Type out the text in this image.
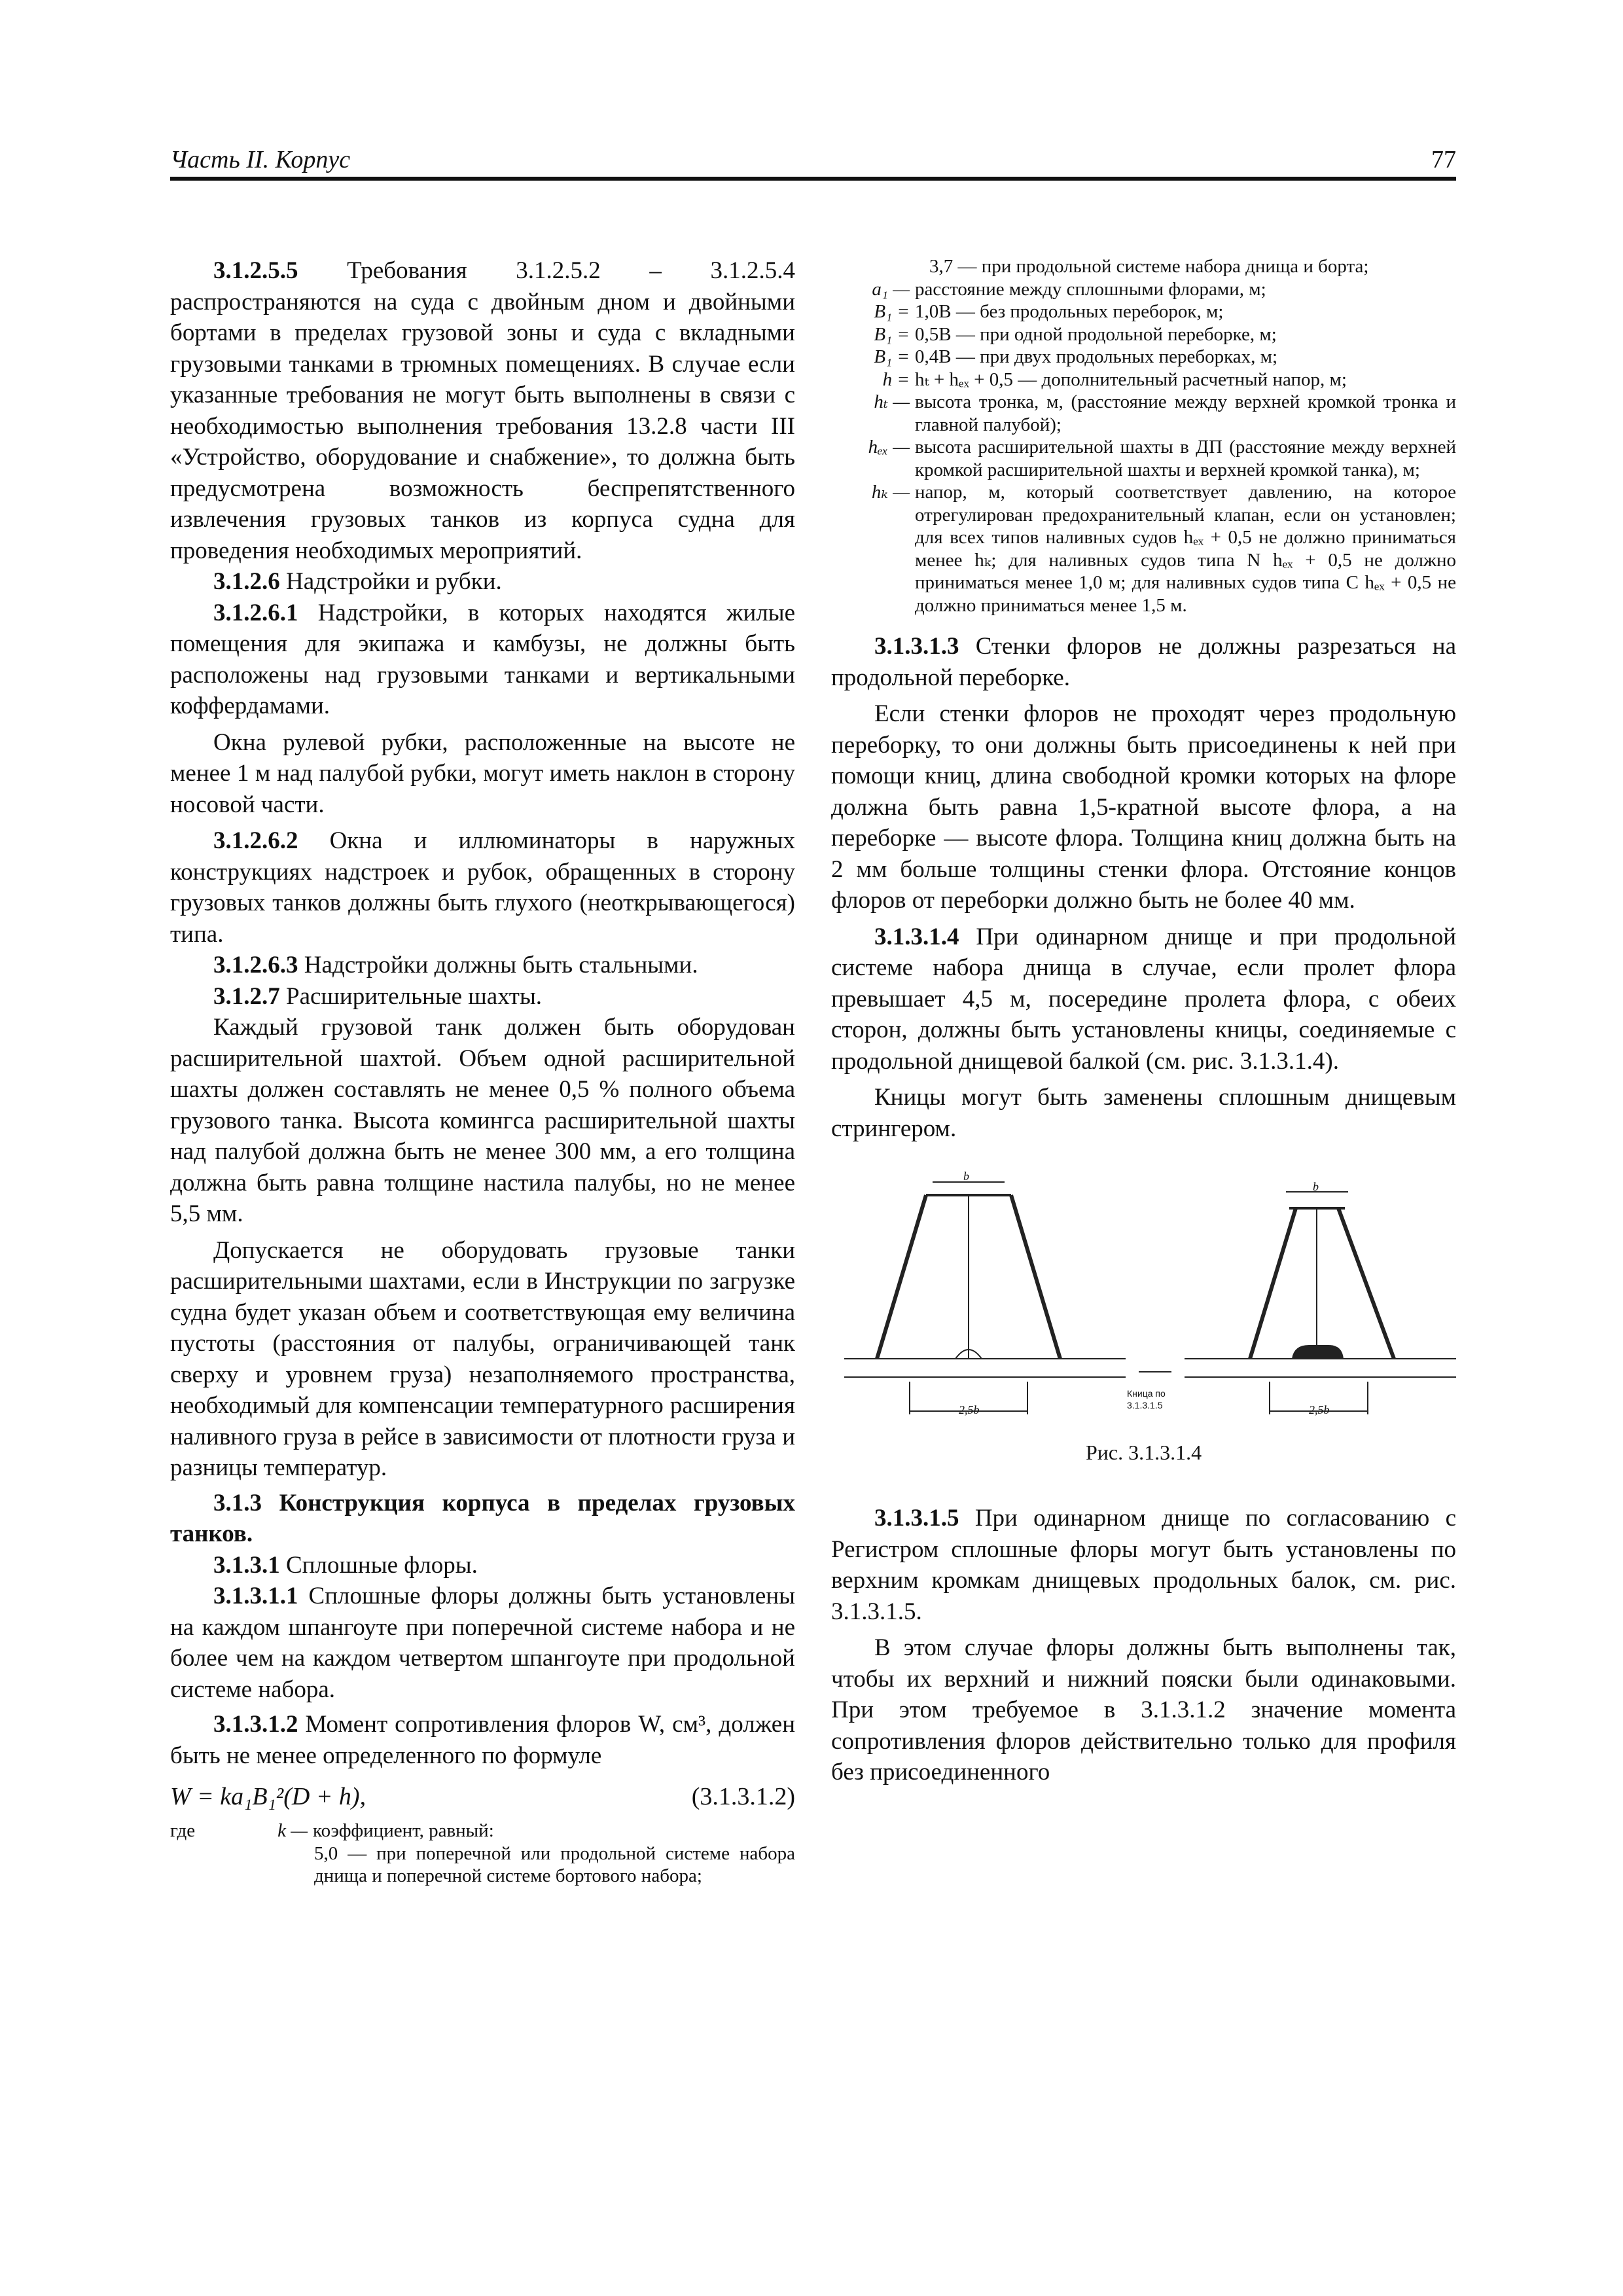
Часть II. Корпус	77

3.1.2.5.5 Требования 3.1.2.5.2 – 3.1.2.5.4 распространяются на суда с двойным дном и двойными бортами в пределах грузовой зоны и суда с вкладными грузовыми танками в трюмных помещениях. В случае если указанные требования не могут быть выполнены в связи с необходимостью выполнения требования 13.2.8 части III «Устройство, оборудование и снабжение», то должна быть предусмотрена возможность беспрепятственного извлечения грузовых танков из корпуса судна для проведения необходимых мероприятий.

3.1.2.6 Надстройки и рубки.

3.1.2.6.1 Надстройки, в которых находятся жилые помещения для экипажа и камбузы, не должны быть расположены над грузовыми танками и вертикальными коффердамами.

Окна рулевой рубки, расположенные на высоте не менее 1 м над палубой рубки, могут иметь наклон в сторону носовой части.

3.1.2.6.2 Окна и иллюминаторы в наружных конструкциях надстроек и рубок, обращенных в сторону грузовых танков должны быть глухого (неоткрывающегося) типа.

3.1.2.6.3 Надстройки должны быть стальными.

3.1.2.7 Расширительные шахты.

Каждый грузовой танк должен быть оборудован расширительной шахтой. Объем одной расширительной шахты должен составлять не менее 0,5 % полного объема грузового танка. Высота комингса расширительной шахты над палубой должна быть не менее 300 мм, а его толщина должна быть равна толщине настила палубы, но не менее 5,5 мм.

Допускается не оборудовать грузовые танки расширительными шахтами, если в Инструкции по загрузке судна будет указан объем и соответствующая ему величина пустоты (расстояния от палубы, ограничивающей танк сверху и уровнем груза) незаполняемого пространства, необходимый для компенсации температурного расширения наливного груза в рейсе в зависимости от плотности груза и разницы температур.

3.1.3 Конструкция корпуса в пределах грузовых танков.

3.1.3.1 Сплошные флоры.

3.1.3.1.1 Сплошные флоры должны быть установлены на каждом шпангоуте при поперечной системе набора и не более чем на каждом четвертом шпангоуте при продольной системе набора.

3.1.3.1.2 Момент сопротивления флоров W, см³, должен быть не менее определенного по формуле

W = ka₁B₁²(D + h),	(3.1.3.1.2)
где	k — коэффициент, равный:
5,0 — при поперечной или продольной системе набора днища и поперечной системе бортового набора;
3,7 — при продольной системе набора днища и борта;
a₁ — расстояние между сплошными флорами, м;
B₁ = 1,0B — без продольных переборок, м;
B₁ = 0,5B — при одной продольной переборке, м;
B₁ = 0,4B — при двух продольных переборках, м;
h = hₜ + hₑₓ + 0,5 — дополнительный расчетный напор, м;
hₜ — высота тронка, м, (расстояние между верхней кромкой тронка и главной палубой);
hₑₓ — высота расширительной шахты в ДП (расстояние между верхней кромкой расширительной шахты и верхней кромкой танка), м;
hₖ — напор, м, который соответствует давлению, на которое отрегулирован предохранительный клапан, если он установлен; для всех типов наливных судов hₑₓ + 0,5 не должно приниматься менее hₖ; для наливных судов типа N hₑₓ + 0,5 не должно приниматься менее 1,0 м; для наливных судов типа C hₑₓ + 0,5 не должно приниматься менее 1,5 м.

3.1.3.1.3 Стенки флоров не должны разрезаться на продольной переборке.

Если стенки флоров не проходят через продольную переборку, то они должны быть присоединены к ней при помощи книц, длина свободной кромки которых на флоре должна быть равна 1,5-кратной высоте флора, а на переборке — высоте флора. Толщина книц должна быть на 2 мм больше толщины стенки флора. Отстояние концов флоров от переборки должно быть не более 40 мм.

3.1.3.1.4 При одинарном днище и при продольной системе набора днища в случае, если пролет флора превышает 4,5 м, посередине пролета флора, с обеих сторон, должны быть установлены кницы, соединяемые с продольной днищевой балкой (см. рис. 3.1.3.1.4).

Кницы могут быть заменены сплошным днищевым стрингером.

b
b
2,5b	2,5b
Кница по
3.1.3.1.5
Рис. 3.1.3.1.4

3.1.3.1.5 При одинарном днище по согласованию с Регистром сплошные флоры могут быть установлены по верхним кромкам днищевых продольных балок, см. рис. 3.1.3.1.5.

В этом случае флоры должны быть выполнены так, чтобы их верхний и нижний пояски были одинаковыми. При этом требуемое в 3.1.3.1.2 значение момента сопротивления флоров действительно только для профиля без присоединенного
